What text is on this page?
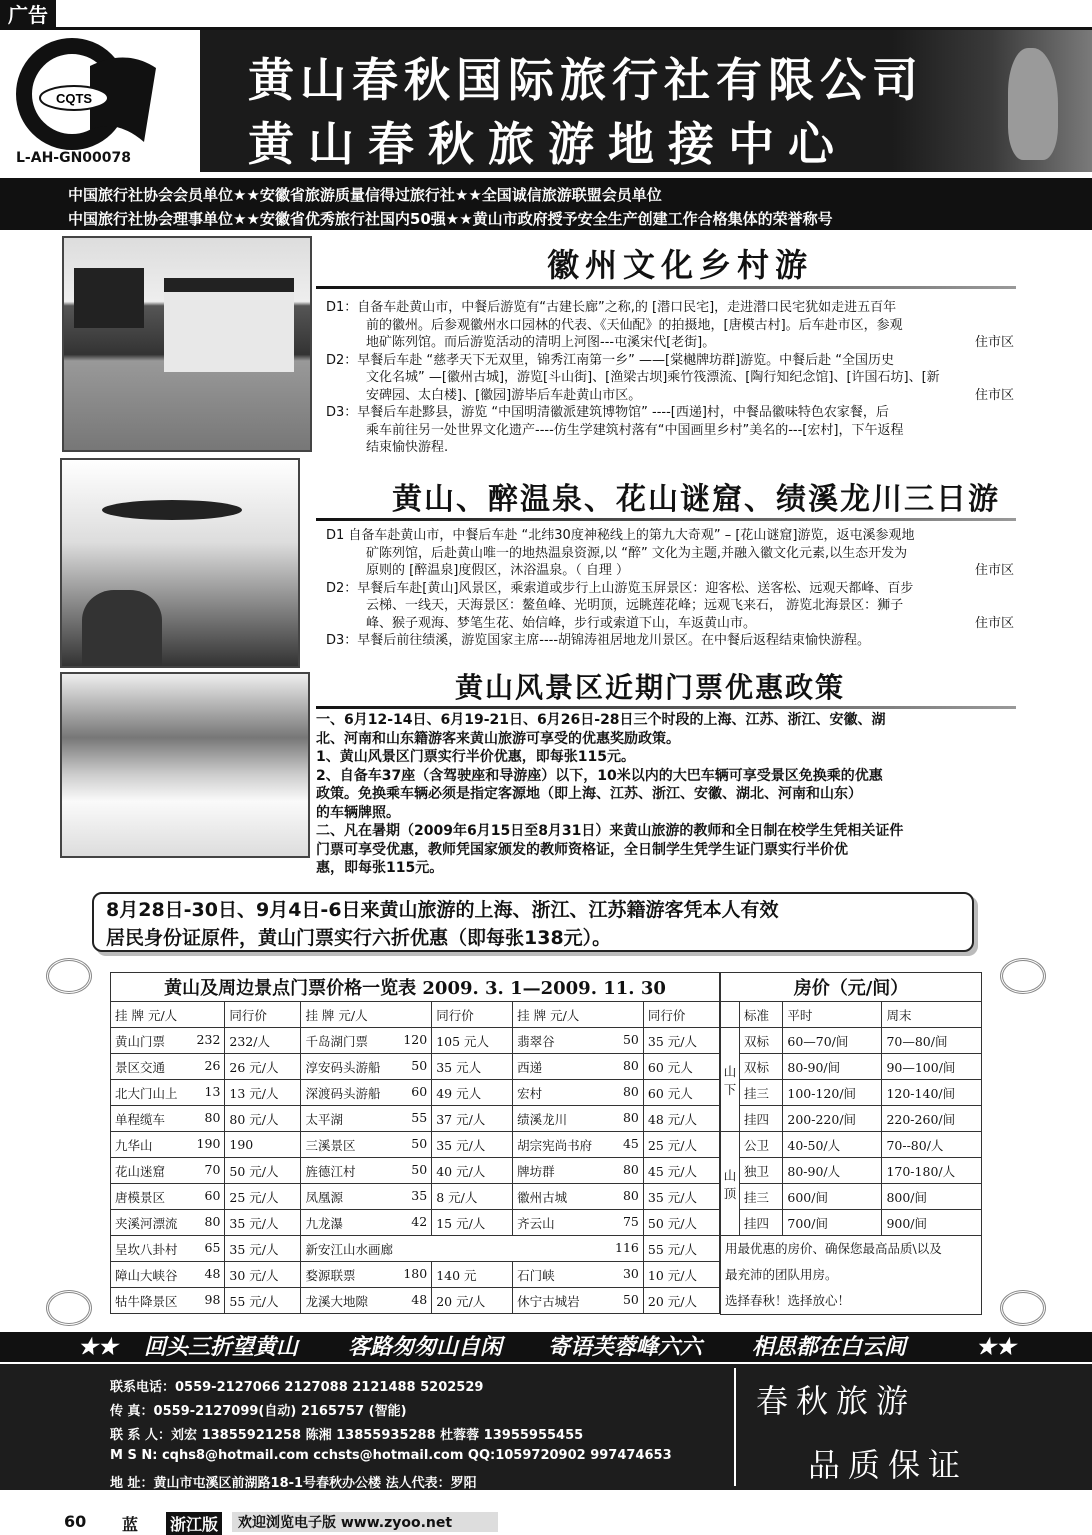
广告
CQTS
L-AH-GN00078
黄山春秋国际旅行社有限公司
黄山春秋旅游地接中心
中国旅行社协会会员单位★★安徽省旅游质量信得过旅行社★★全国诚信旅游联盟会员单位
中国旅行社协会理事单位★★安徽省优秀旅行社国内50强★★黄山市政府授予安全生产创建工作合格集体的荣誉称号
徽州文化乡村游

D1：自备车赴黄山市，中餐后游览有“古建长廊”之称,的 [潜口民宅]，走进潜口民宅犹如走进五百年

前的徽州。后参观徽州水口园林的代表、《天仙配》的拍摄地，[唐模古村]。后车赴市区，参观

地矿陈列馆。而后游览活动的清明上河图---屯溪宋代[老街]。	住市区

D2：早餐后车赴 “慈孝天下无双里，锦秀江南第一乡” ——[棠樾牌坊群]游览。中餐后赴 “全国历史

文化名城” —[徽州古城]，游览[斗山街]、[渔梁古坝]乘竹筏漂流、[陶行知纪念馆]、[许国石坊]、[新

安碑园、太白楼]、[徽园]游毕后车赴黄山市区。	住市区

D3：早餐后车赴黟县，游览 “中国明清徽派建筑博物馆” ----[西递]村，中餐品徽味特色农家餐，后

乘车前往另一处世界文化遗产----仿生学建筑村落有“中国画里乡村”美名的---[宏村]，下午返程

结束愉快游程.

黄山、醉温泉、花山谜窟、绩溪龙川三日游

D1 自备车赴黄山市，中餐后车赴 “北纬30度神秘线上的第九大奇观” – [花山谜窟]游览，返屯溪参观地

矿陈列馆，后赴黄山唯一的地热温泉资源,以 “醉” 文化为主题,并融入徽文化元素,以生态开发为

原则的 [醉温泉]度假区，沐浴温泉。（ 自理 ）	住市区

D2：早餐后车赴[黄山]风景区，乘索道或步行上山游览玉屏景区：迎客松、送客松、远观天都峰、百步

云梯、一线天，天海景区：鳌鱼峰、光明顶，远眺莲花峰；远观飞来石， 游览北海景区：狮子

峰、猴子观海、梦笔生花、始信峰，步行或索道下山，车返黄山市。	住市区

D3：早餐后前往绩溪，游览国家主席----胡锦涛祖居地龙川景区。在中餐后返程结束愉快游程。

黄山风景区近期门票优惠政策

一、6月12-14日、6月19-21日、6月26日-28日三个时段的上海、江苏、浙江、安徽、湖

北、河南和山东籍游客来黄山旅游可享受的优惠奖励政策。

1、黄山风景区门票实行半价优惠，即每张115元。

2、自备车37座（含驾驶座和导游座）以下，10米以内的大巴车辆可享受景区免换乘的优惠

政策。免换乘车辆必须是指定客源地（即上海、江苏、浙江、安徽、湖北、河南和山东）

的车辆牌照。

二、凡在暑期（2009年6月15日至8月31日）来黄山旅游的教师和全日制在校学生凭相关证件

门票可享受优惠，教师凭国家颁发的教师资格证，全日制学生凭学生证门票实行半价优

惠，即每张115元。

8月28日-30日、9月4日-6日来黄山旅游的上海、浙江、江苏籍游客凭本人有效
居民身份证原件，黄山门票实行六折优惠（即每张138元）。
黄山及周边景点门票价格一览表 2009. 3. 1—2009. 11. 30					
挂 牌 元/人	同行价	挂 牌 元/人	同行价	挂 牌 元/人	同行价
黄山门票 232	232/人	千岛湖门票 120	105 元人	翡翠谷 50	35 元/人
景区交通 26	26 元/人	淳安码头游船 50	35 元人	西递 80	60 元人
北大门山上 13	13 元/人	深渡码头游船 60	49 元人	宏村 80	60 元人
单程缆车 80	80 元/人	太平湖 55	37 元/人	绩溪龙川 80	48 元/人
九华山 190	190	三溪景区 50	35 元/人	胡宗宪尚书府 45	25 元/人
花山迷窟 70	50 元/人	旌德江村 50	40 元/人	牌坊群 80	45 元/人
唐模景区 60	25 元/人	凤凰源 35	8 元/人	徽州古城 80	35 元/人
夹溪河漂流 80	35 元/人	九龙瀑 42	15 元/人	齐云山 75	50 元/人
呈坎八卦村 65	35 元/人	新安江山水画廊 116			55 元/人
障山大峡谷 48	30 元/人	婺源联票 180	140 元	石门峡 30	10 元/人
牯牛降景区 98	55 元/人	龙溪大地隙 48	20 元/人	休宁古城岩 50	20 元/人
房价（元/间）			
	标准	平时	周末
山下	双标	60—70/间	70—80/间
	双标	80-90/间	90—100/间
	挂三	100-120/间	120-140/间
	挂四	200-220/间	220-260/间
山顶	公卫	40-50/人	70--80/人
	独卫	80-90/人	170-180/人
	挂三	600/间	800/间
	挂四	700/间	900/间

用最优惠的房价、确保您最高品质\以及
最充沛的团队用房。
选择春秋！选择放心！			
★★ 回头三折望黄山 客路匆匆山自闲 寄语芙蓉峰六六 相思都在白云间	★★
联系电话：0559-2127066 2127088 2121488 5202529
传 真：0559-2127099(自动) 2165757 (智能)
联 系 人：刘宏 13855921258 陈湘 13855935288 杜蓉蓉 13955955455
M S N: cqhs8@hotmail.com cchsts@hotmail.com QQ:1059720902 997474653
地 址：黄山市屯溪区前湖路18-1号春秋办公楼 法人代表：罗阳
春秋旅游
品质保证
60 蓝 浙江版	欢迎浏览电子版 www.zyoo.net
